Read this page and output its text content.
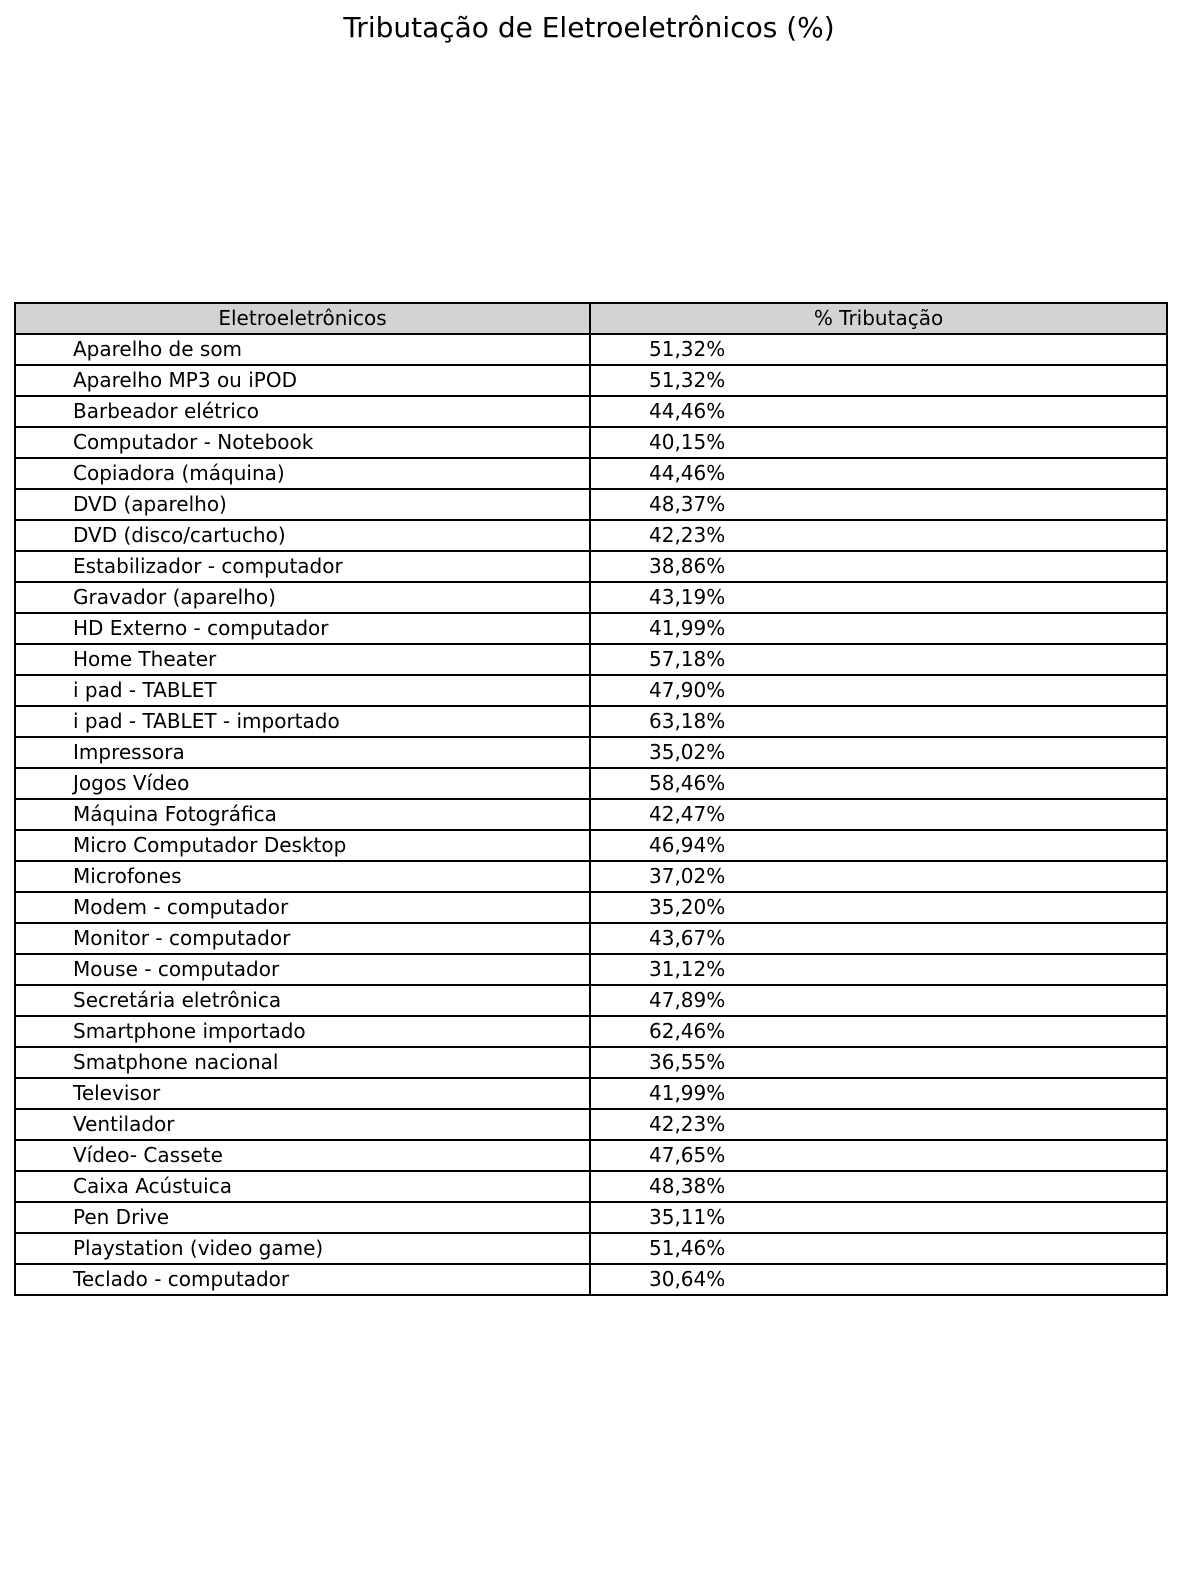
Tributação de Eletroeletrônicos (%)
Eletroeletrônicos	% Tributação
Aparelho de som	51,32%
Aparelho MP3 ou iPOD	51,32%
Barbeador elétrico	44,46%
Computador - Notebook	40,15%
Copiadora (máquina)	44,46%
DVD (aparelho)	48,37%
DVD (disco/cartucho)	42,23%
Estabilizador - computador	38,86%
Gravador (aparelho)	43,19%
HD Externo - computador	41,99%
Home Theater	57,18%
i pad - TABLET	47,90%
i pad - TABLET - importado	63,18%
Impressora	35,02%
Jogos Vídeo	58,46%
Máquina Fotográfica	42,47%
Micro Computador Desktop	46,94%
Microfones	37,02%
Modem - computador	35,20%
Monitor - computador	43,67%
Mouse - computador	31,12%
Secretária eletrônica	47,89%
Smartphone importado	62,46%
Smatphone nacional	36,55%
Televisor	41,99%
Ventilador	42,23%
Vídeo- Cassete	47,65%
Caixa Acústuica	48,38%
Pen Drive	35,11%
Playstation (video game)	51,46%
Teclado - computador	30,64%
